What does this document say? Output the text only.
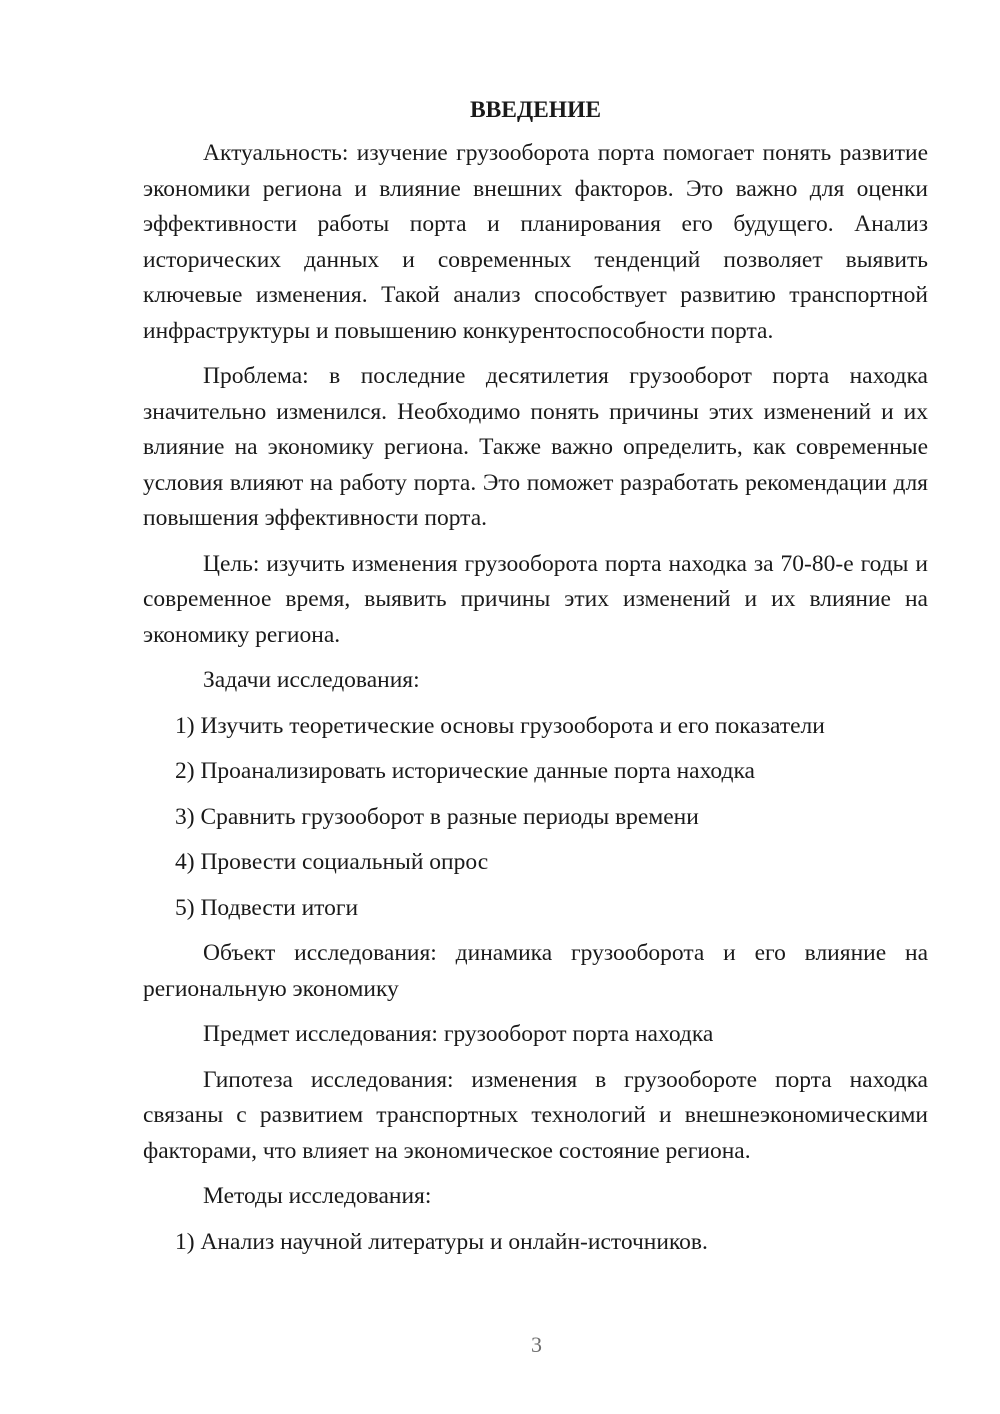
ВВЕДЕНИЕ
Актуальность: изучение грузооборота порта помогает понять развитие экономики региона и влияние внешних факторов. Это важно для оценки эффективности работы порта и планирования его будущего. Анализ исторических данных и современных тенденций позволяет выявить ключевые изменения. Такой анализ способствует развитию транспортной инфраструктуры и повышению конкурентоспособности порта.
Проблема: в последние десятилетия грузооборот порта находка значительно изменился. Необходимо понять причины этих изменений и их влияние на экономику региона. Также важно определить, как современные условия влияют на работу порта. Это поможет разработать рекомендации для повышения эффективности порта.
Цель: изучить изменения грузооборота порта находка за 70-80-е годы и современное время, выявить причины этих изменений и их влияние на экономику региона.
Задачи исследования:
1) Изучить теоретические основы грузооборота и его показатели
2) Проанализировать исторические данные порта находка
3) Сравнить грузооборот в разные периоды времени
4) Провести социальный опрос
5) Подвести итоги
Объект исследования: динамика грузооборота и его влияние на региональную экономику
Предмет исследования: грузооборот порта находка
Гипотеза исследования: изменения в грузообороте порта находка связаны с развитием транспортных технологий и внешнеэкономическими факторами, что влияет на экономическое состояние региона.
Методы исследования:
1) Анализ научной литературы и онлайн-источников.
3
